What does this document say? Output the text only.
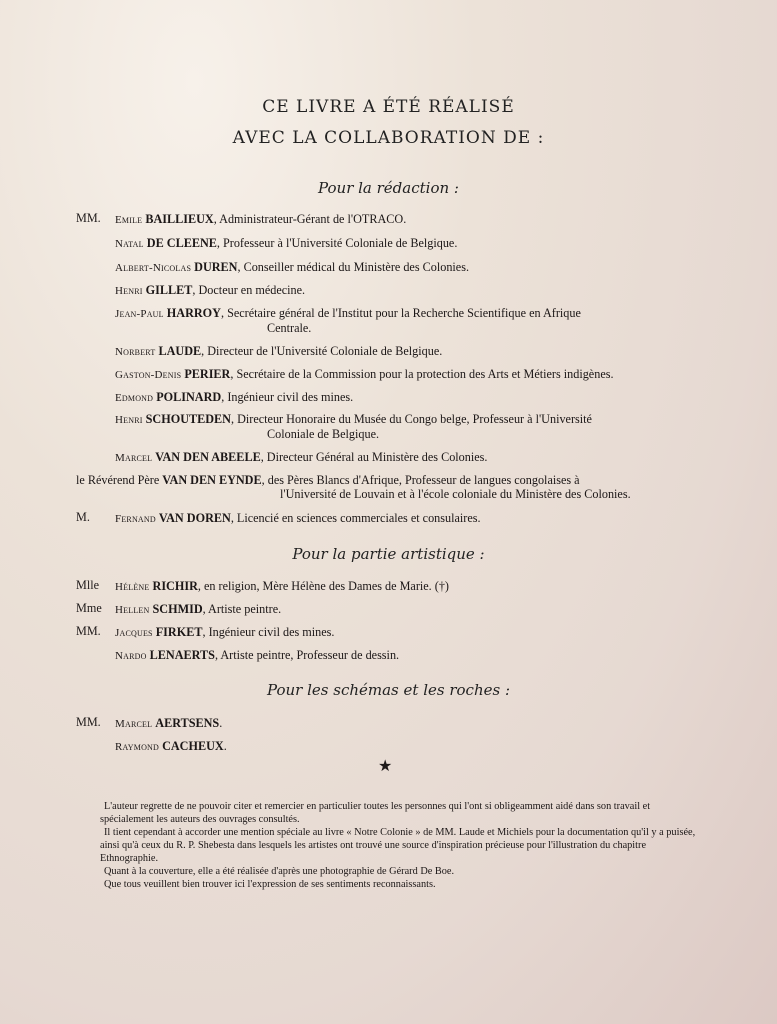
CE LIVRE A ÉTÉ RÉALISÉ
AVEC LA COLLABORATION DE :
Pour la rédaction :
MM. Emile BAILLIEUX, Administrateur-Gérant de l'OTRACO.
Natal DE CLEENE, Professeur à l'Université Coloniale de Belgique.
Albert-Nicolas DUREN, Conseiller médical du Ministère des Colonies.
Henri GILLET, Docteur en médecine.
Jean-Paul HARROY, Secrétaire général de l'Institut pour la Recherche Scientifique en Afrique
Centrale.
Norbert LAUDE, Directeur de l'Université Coloniale de Belgique.
Gaston-Denis PERIER, Secrétaire de la Commission pour la protection des Arts et Métiers indigènes.
Edmond POLINARD, Ingénieur civil des mines.
Henri SCHOUTEDEN, Directeur Honoraire du Musée du Congo belge, Professeur à l'Université
Coloniale de Belgique.
Marcel VAN DEN ABEELE, Directeur Général au Ministère des Colonies.
le Révérend Père VAN DEN EYNDE, des Pères Blancs d'Afrique, Professeur de langues congolaises à
l'Université de Louvain et à l'école coloniale du Ministère des Colonies.
M. Fernand VAN DOREN, Licencié en sciences commerciales et consulaires.
Pour la partie artistique :
Mlle Hélène RICHIR, en religion, Mère Hélène des Dames de Marie. (†)
Mme Hellen SCHMID, Artiste peintre.
MM. Jacques FIRKET, Ingénieur civil des mines.
Nardo LENAERTS, Artiste peintre, Professeur de dessin.
Pour les schémas et les roches :
MM. Marcel AERTSENS.
Raymond CACHEUX.
★

L'auteur regrette de ne pouvoir citer et remercier en particulier toutes les personnes qui l'ont si obligeamment aidé dans son travail et spécialement les auteurs des ouvrages consultés.

Il tient cependant à accorder une mention spéciale au livre « Notre Colonie » de MM. Laude et Michiels pour la documentation qu'il y a puisée, ainsi qu'à ceux du R. P. Shebesta dans lesquels les artistes ont trouvé une source d'inspiration précieuse pour l'illustration du chapitre Ethnographie.

Quant à la couverture, elle a été réalisée d'après une photographie de Gérard De Boe.

Que tous veuillent bien trouver ici l'expression de ses sentiments reconnaissants.
